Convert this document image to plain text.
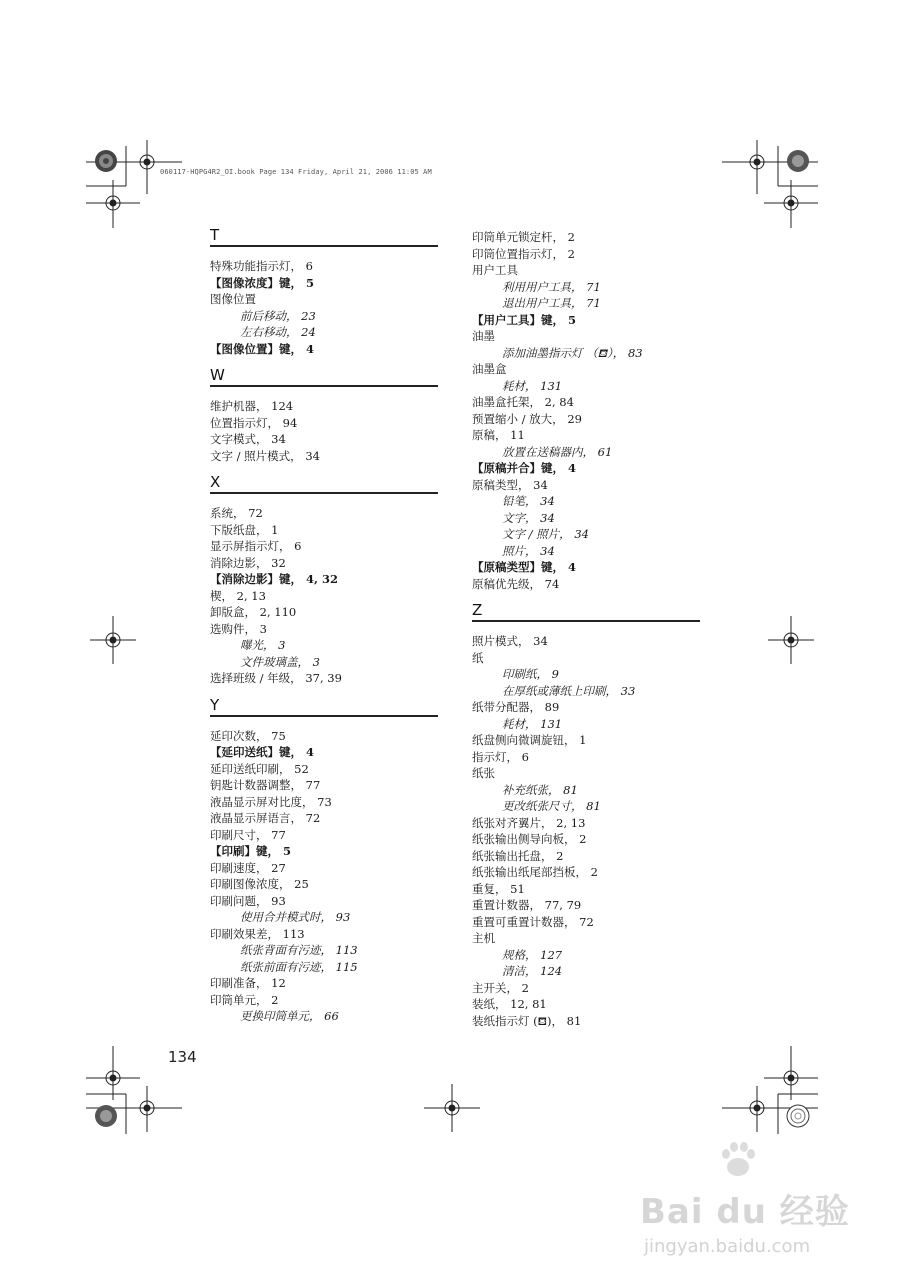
060117-HQPG4R2_OI.book Page 134 Friday, April 21, 2006 11:05 AM
T
特殊功能指示灯， 6
【图像浓度】键， 5
图像位置
前后移动， 23
左右移动， 24
【图像位置】键， 4
W
维护机器， 124
位置指示灯， 94
文字模式， 34
文字 / 照片模式， 34
X
系统， 72
下版纸盘， 1
显示屏指示灯， 6
消除边影， 32
【消除边影】键， 4, 32
楔， 2, 13
卸版盒， 2, 110
选购件， 3
曝光， 3
文件玻璃盖， 3
选择班级 / 年级， 37, 39
Y
延印次数， 75
【延印送纸】键， 4
延印送纸印刷， 52
钥匙计数器调整， 77
液晶显示屏对比度， 73
液晶显示屏语言， 72
印刷尺寸， 77
【印刷】键， 5
印刷速度， 27
印刷图像浓度， 25
印刷问题， 93
使用合并模式时， 93
印刷效果差， 113
纸张背面有污迹， 113
纸张前面有污迹， 115
印刷准备， 12
印筒单元， 2
更换印筒单元， 66
印筒单元锁定杆， 2
印筒位置指示灯， 2
用户工具
利用用户工具， 71
退出用户工具， 71
【用户工具】键， 5
油墨
添加油墨指示灯 （⛾）， 83
油墨盒
耗材， 131
油墨盒托架， 2, 84
预置缩小 / 放大， 29
原稿， 11
放置在送稿器内， 61
【原稿并合】键， 4
原稿类型， 34
铅笔， 34
文字， 34
文字 / 照片， 34
照片， 34
【原稿类型】键， 4
原稿优先级， 74
Z
照片模式， 34
纸
印刷纸， 9
在厚纸或薄纸上印刷， 33
纸带分配器， 89
耗材， 131
纸盘侧向微调旋钮， 1
指示灯， 6
纸张
补充纸张， 81
更改纸张尺寸， 81
纸张对齐翼片， 2, 13
纸张输出侧导向板， 2
纸张输出托盘， 2
纸张输出纸尾部挡板， 2
重复， 51
重置计数器， 77, 79
重置可重置计数器， 72
主机
规格， 127
清洁， 124
主开关， 2
装纸， 12, 81
装纸指示灯 (⛾)， 81
134
Bai du 经验
jingyan.baidu.com
